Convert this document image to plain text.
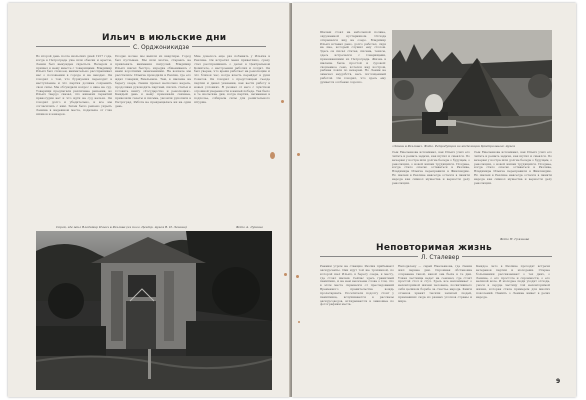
Ильич в июльские дни
С. Орджоникидзе
Во второй день после июльских дней 1917 года, когда в Петрограде уже шли обыски и аресты, Ленин был вынужден скрыться. Вечером я пришел к нему вместе с товарищами. Владимир Ильич был спокоен, внимательно расспрашивал нас о положении в городе и на заводах. Он говорил о том, что буржуазия переходит в наступление и что партия должна сохранить свои силы. Мы обсуждали вопрос о явке на суд. Товарищи предлагали различные решения, но Ильич твердо сказал, что никаких гарантий правосудия нет и что идти на суд нельзя. Он говорил долго и убедительно, и все мы согласились с ним. Затем было решено укрыть Ленина в надежном месте, подальше от глаз шпиков и юнкеров.
Поздно ночью мы вышли из квартиры. Город был пустынен. Мы шли молча, стараясь не привлекать внимания патрулей. Владимир Ильич шагал быстро, изредка обмениваясь с нами короткими замечаниями. На вокзале мы расстались: Ильича проводили в Разлив, где его ждал товарищ Емельянов. Там, в шалаше на берегу озера, Ленин провел несколько недель, продолжая руководить партией, писать статьи и готовить книгу «Государство и революция». Каждый день к нему приезжали связные, привозили газеты и письма, увозили рукописи в Петроград. Работа не прекращалась ни на один день.
Мне довелось еще раз побывать у Ильича в Разливе. Он встретил меня приветливо, сразу стал расспрашивать о делах в Центральном Комитете, о настроении рабочих и солдат. Он был уверен, что время работает на революцию и что близок час, когда власть перейдет в руки Советов. Он говорил о предстоящем съезде партии и давал указания, как вести работу в новых условиях. Я уезжал от него с чувством огромной уверенности в нашей победе. Так было в те июльские дни, когда партия, загнанная в подполье, собирала силы для решительного штурма.
Сарай, где жил Владимир Ильич в Разливе (из колл. Центр. музея В. И. Ленина)	Фото А. Лушина
«Ленин в Разливе». Фото. Репродукция из экспозиции Центрального музея
Фото Н. Грязнова
Шалаш стоял на небольшой поляне, окруженной кустарником. Отсюда открывался вид на озеро. Владимир Ильич вставал рано, долго работал, сидя на пне, который служил ему столом. Здесь он писал статьи, письма, тезисы, здесь встречался с товарищами, приезжавшими из Петрограда. Жизнь в шалаше была простой и суровой: скошенное сено, котелок над костром, рыбная ловля по вечерам. Но Ленин не замечал неудобств, весь поглощенный работой. Он говорил, что здесь ему думается особенно хорошо.
Сын Емельянова вспоминал, как Ильич учил его читать и решать задачи, как шутил и смеялся. По вечерам у костра шли долгие беседы о будущем, о революции, о новой жизни трудящихся. Позднее, когда стало опасно оставаться в Разливе, Владимира Ильича переправили в Финляндию. Но шалаш в Разливе навсегда остался в памяти народа как символ мужества и верности делу революции.
Сын Емельянова вспоминал, как Ильич учил его читать и решать задачи, как шутил и смеялся. По вечерам у костра шли долгие беседы о будущем, о революции, о новой жизни трудящихся. Позднее, когда стало опасно оставаться в Разливе, Владимира Ильича переправили в Финляндию. Но шалаш в Разливе навсегда остался в памяти народа как символ мужества и верности делу революции.
Неповторимая жизнь
Л. Сталевер
Ранним утром на станцию Разлив прибывают экскурсанты. Они идут той же тропинкой, по которой шел Ильич, к берегу озера, к месту, где стоял шалаш. Сейчас здесь гранитный памятник, и на нем высечены слова о том, что в этом месте скрывался от преследований Временного правительства вождь пролетариата. Посетители подолгу стоят у памятника, вслушиваются в рассказы экскурсоводов, вглядываются в знакомые по фотографиям места.
Неподалеку — сарай Емельянова, где Ленин жил первые дни. Скромная обстановка сохранена такой, какой она была в те дни. Узкая лестница ведет на сеновал, где стоит простой стол и стул. Здесь все напоминает о неповторимой жизни человека, посвятившего себя целиком борьбе за счастье народа. Книги отзывов хранят тысячи записей людей, приехавших сюда из разных уголков страны и мира.
Каждое лето в Разливе проходят встречи ветеранов партии и молодежи. Старые большевики рассказывают о тех днях, о Ленине, о его простоте и скромности, о его великой воле. И молодые люди уходят отсюда, унося в сердце частицу той неповторимой жизни, которая стала примером для многих поколений. Память о Ленине живет в делах народа.
9
